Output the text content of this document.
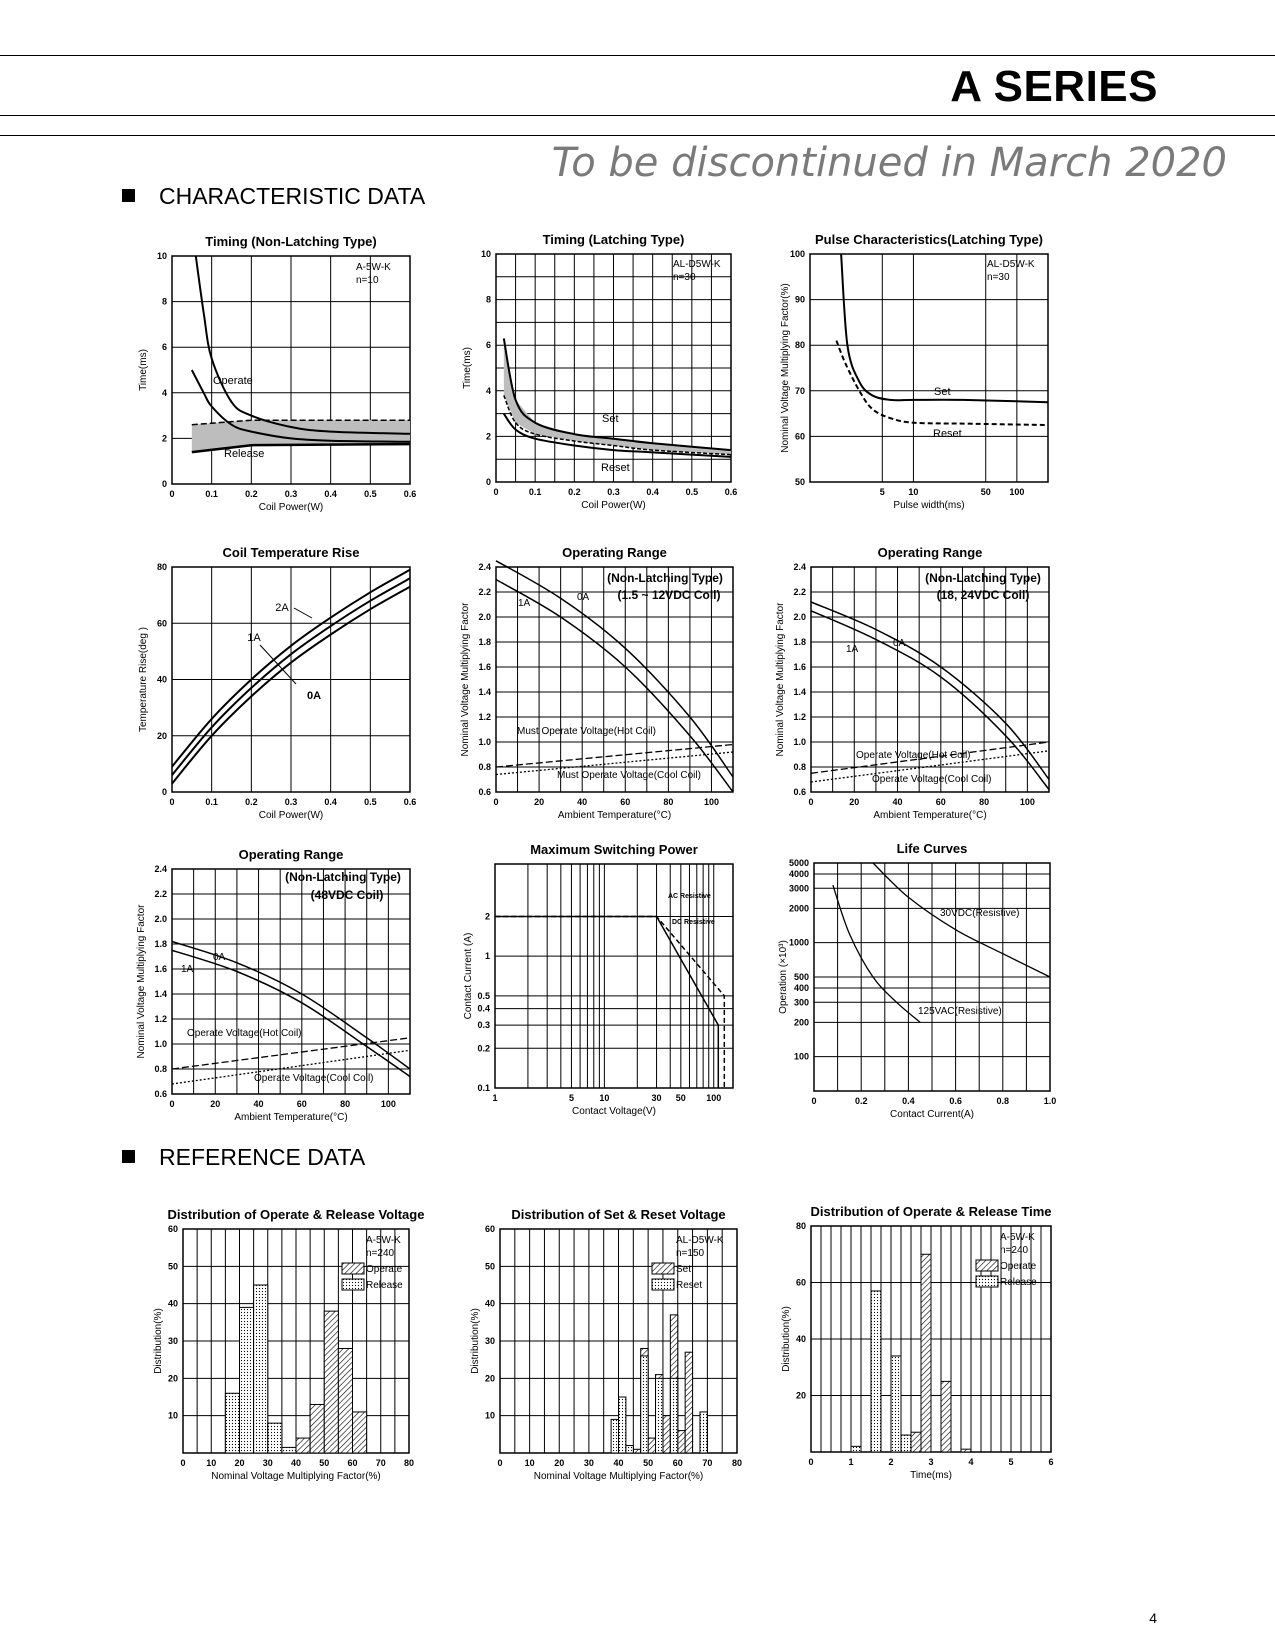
A SERIES
To be discontinued in March 2020
CHARACTERISTIC DATA
REFERENCE DATA
0	0.1	0.2	0.3	0.4	0.5	0.6
0
2
4
6
8
10
Timing (Non-Latching Type)
Coil Power(W)
Time(ms)
A-5W-K
n=10
Operate
Release
0	0.1	0.2	0.3	0.4	0.5	0.6
0
2
4
6
8
10
Timing (Latching Type)
Coil Power(W)
Time(ms)
AL-D5W-K
n=30
Set
Reset
5	10	50 100
50
60
70
80
90
100
Pulse Characteristics(Latching Type)
Pulse width(ms)
Nominal Voltage Multiplying Factor(%)
AL-D5W-K
n=30
Set
Reset
0	0.1	0.2	0.3	0.4	0.5	0.6
0
20
40
60
80
Coil Temperature Rise
Coil Power(W)
Temperature Rise(deg )
2A
1A
0A
0	20	40	60	80	100
0.6
0.8
1.0
1.2
1.4
1.6
1.8
2.0
2.2
2.4
Operating Range
Ambient Temperature(°C)
Nominal Voltage Multiplying Factor
(Non-Latching Type)
(1.5 ~ 12VDC Coil)
1A
0A
Must Operate Voltage(Hot Coil)
Must Operate Voltage(Cool Coil)
0	20	40	60	80	100
0.6
0.8
1.0
1.2
1.4
1.6
1.8
2.0
2.2
2.4
Operating Range
Ambient Temperature(°C)
Nominal Voltage Multiplying Factor
(Non-Latching Type)
(18, 24VDC Coil)
1A
0A
Operate Voltage(Hot Coil)
Operate Voltage(Cool Coil)
0	20	40	60	80	100
0.6
0.8
1.0
1.2
1.4
1.6
1.8
2.0
2.2
2.4
Operating Range
Ambient Temperature(°C)
Nominal Voltage Multiplying Factor
(Non-Latching Type)
(48VDC Coil)
1A
0A
Operate Voltage(Hot Coil)
Operate Voltage(Cool Coil)
1	5	10	30 50 100
0.1
0.2
0.3
0.4
0.5
1
2
Maximum Switching Power
Contact Voltage(V)
Contact Current (A)
AC Resistive
DC Resistive
0	0.2	0.4	0.6	0.8	1.0
100
200
300
400
500
1000
2000
3000
4000
5000
Life Curves
Contact Current(A)
Operation (×10³)
30VDC(Resistive)
125VAC(Resistive)
0 10 20 30 40 50 60 70 80
10
20
30
40
50
60
Distribution of Operate & Release Voltage
Nominal Voltage Multiplying Factor(%)
Distribution(%)
A-5W-K
n=240
Operate
Release
0 10 20 30 40 50 60 70 80
10
20
30
40
50
60
Distribution of Set & Reset Voltage
Nominal Voltage Multiplying Factor(%)
Distribution(%)
AL-D5W-K
n=150
Set
Reset
0	1	2	3	4	5	6
20
40
60
80
Distribution of Operate & Release Time
Time(ms)
Distribution(%)
A-5W-K
n=240
Operate
Release
4
